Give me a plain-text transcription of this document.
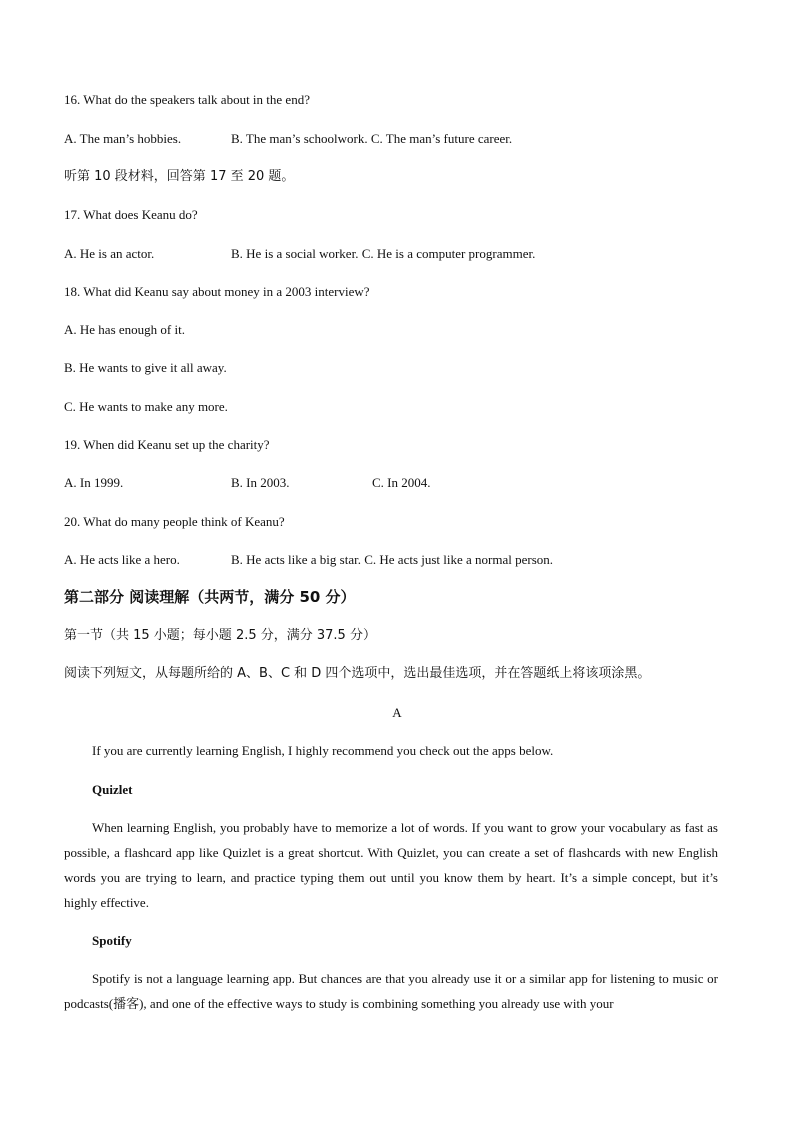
16. What do the speakers talk about in the end?
A. The man’s hobbies.	B. The man’s schoolwork. C. The man’s future career.
听第 10 段材料，回答第 17 至 20 题。
17. What does Keanu do?
A. He is an actor.	B. He is a social worker. C. He is a computer programmer.
18. What did Keanu say about money in a 2003 interview?
A. He has enough of it.
B. He wants to give it all away.
C. He wants to make any more.
19. When did Keanu set up the charity?
A. In 1999.	B. In 2003.	C. In 2004.
20. What do many people think of Keanu?
A. He acts like a hero.	B. He acts like a big star. C. He acts just like a normal person.
第二部分 阅读理解（共两节，满分 50 分）
第一节（共 15 小题；每小题 2.5 分，满分 37.5 分）
阅读下列短文，从每题所给的 A、B、C 和 D 四个选项中，选出最佳选项，并在答题纸上将该项涂黑。
A
If you are currently learning English, I highly recommend you check out the apps below.
Quizlet
When learning English, you probably have to memorize a lot of words. If you want to grow your vocabulary as fast as possible, a flashcard app like Quizlet is a great shortcut. With Quizlet, you can create a set of flashcards with new English words you are trying to learn, and practice typing them out until you know them by heart. It’s a simple concept, but it’s highly effective.
Spotify
Spotify is not a language learning app. But chances are that you already use it or a similar app for listening to music or podcasts(播客), and one of the effective ways to study is combining something you already use with your
